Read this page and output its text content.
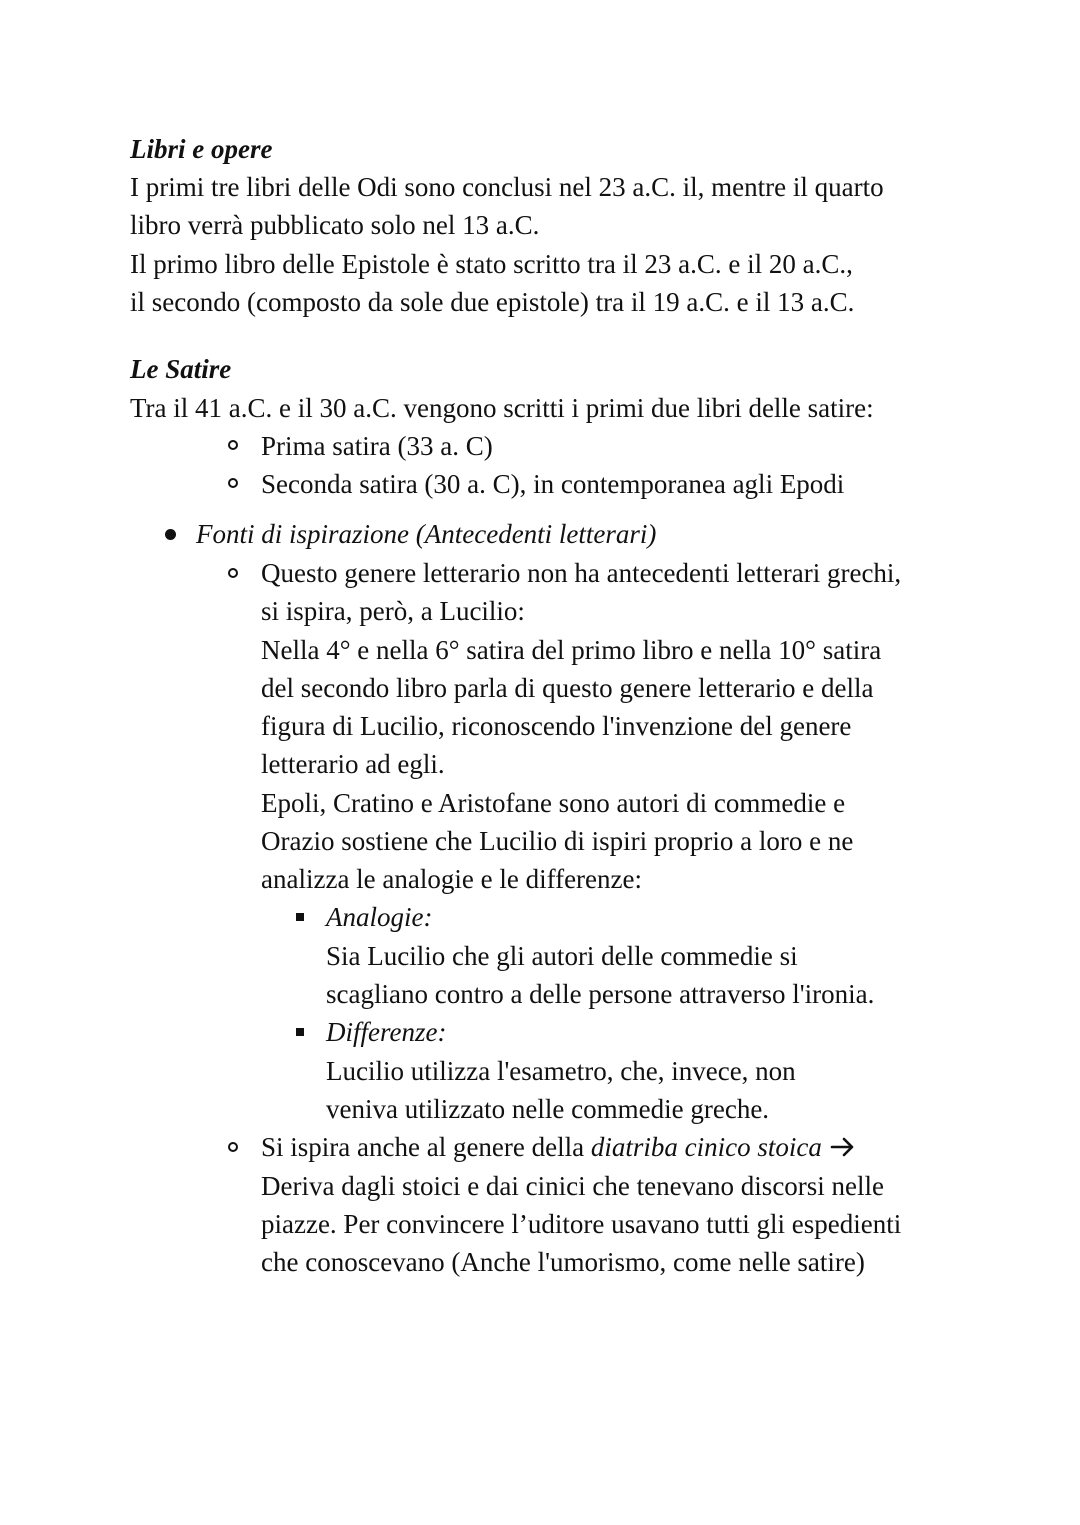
Libri e opere
I primi tre libri delle Odi sono conclusi nel 23 a.C. il, mentre il quarto
libro verrà pubblicato solo nel 13 a.C.
Il primo libro delle Epistole è stato scritto tra il 23 a.C. e il 20 a.C.,
il secondo (composto da sole due epistole) tra il 19 a.C. e il 13 a.C.
Le Satire
Tra il 41 a.C. e il 30 a.C. vengono scritti i primi due libri delle satire:
Prima satira (33 a. C)
Seconda satira (30 a. C), in contemporanea agli Epodi
Fonti di ispirazione (Antecedenti letterari)
Questo genere letterario non ha antecedenti letterari grechi,
si ispira, però, a Lucilio:
Nella 4° e nella 6° satira del primo libro e nella 10° satira
del secondo libro parla di questo genere letterario e della
figura di Lucilio, riconoscendo l'invenzione del genere
letterario ad egli.
Epoli, Cratino e Aristofane sono autori di commedie e
Orazio sostiene che Lucilio di ispiri proprio a loro e ne
analizza le analogie e le differenze:
Analogie:
Sia Lucilio che gli autori delle commedie si
scagliano contro a delle persone attraverso l'ironia.
Differenze:
Lucilio utilizza l'esametro, che, invece, non
veniva utilizzato nelle commedie greche.
Si ispira anche al genere della diatriba cinico stoica
Deriva dagli stoici e dai cinici che tenevano discorsi nelle
piazze. Per convincere l’uditore usavano tutti gli espedienti
che conoscevano (Anche l'umorismo, come nelle satire)
